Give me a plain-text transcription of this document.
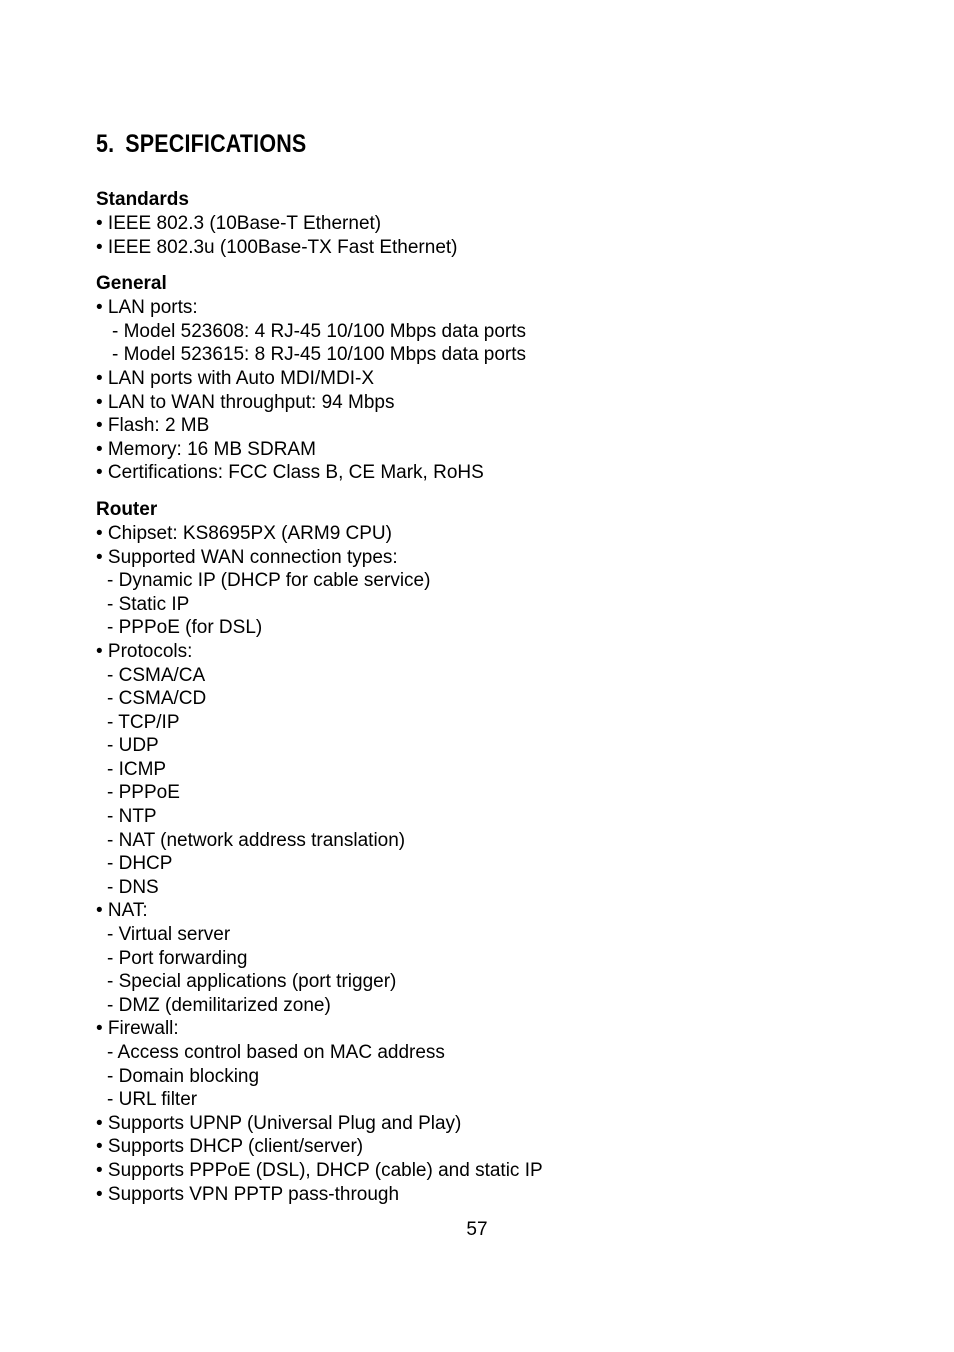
5. SPECIFICATIONS
Standards
• IEEE 802.3 (10Base-T Ethernet)
• IEEE 802.3u (100Base-TX Fast Ethernet)
General
• LAN ports:
- Model 523608: 4 RJ-45 10/100 Mbps data ports
- Model 523615: 8 RJ-45 10/100 Mbps data ports
• LAN ports with Auto MDI/MDI-X
• LAN to WAN throughput: 94 Mbps
• Flash: 2 MB
• Memory: 16 MB SDRAM
• Certifications: FCC Class B, CE Mark, RoHS
Router
• Chipset: KS8695PX (ARM9 CPU)
• Supported WAN connection types:
- Dynamic IP (DHCP for cable service)
- Static IP
- PPPoE (for DSL)
• Protocols:
- CSMA/CA
- CSMA/CD
- TCP/IP
- UDP
- ICMP
- PPPoE
- NTP
- NAT (network address translation)
- DHCP
- DNS
• NAT:
- Virtual server
- Port forwarding
- Special applications (port trigger)
- DMZ (demilitarized zone)
• Firewall:
- Access control based on MAC address
- Domain blocking
- URL filter
• Supports UPNP (Universal Plug and Play)
• Supports DHCP (client/server)
• Supports PPPoE (DSL), DHCP (cable) and static IP
• Supports VPN PPTP pass-through
57
